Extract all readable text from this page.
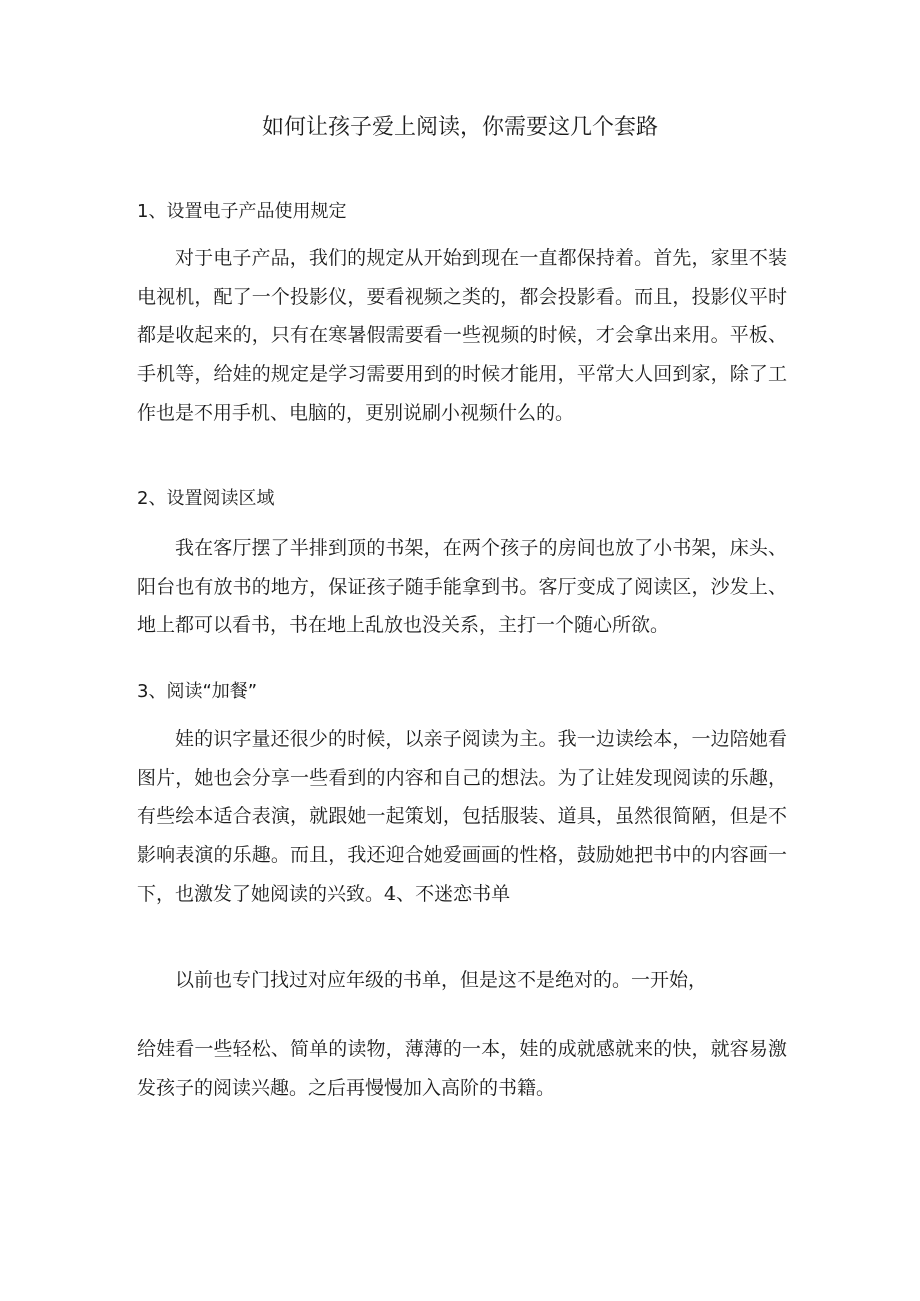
如何让孩子爱上阅读，你需要这几个套路
1、设置电子产品使用规定

对于电子产品，我们的规定从开始到现在一直都保持着。首先，家里不装电视机，配了一个投影仪，要看视频之类的，都会投影看。而且，投影仪平时都是收起来的，只有在寒暑假需要看一些视频的时候，才会拿出来用。平板、手机等，给娃的规定是学习需要用到的时候才能用，平常大人回到家，除了工作也是不用手机、电脑的，更别说刷小视频什么的。

2、设置阅读区域

我在客厅摆了半排到顶的书架，在两个孩子的房间也放了小书架，床头、阳台也有放书的地方，保证孩子随手能拿到书。客厅变成了阅读区，沙发上、地上都可以看书，书在地上乱放也没关系，主打一个随心所欲。

3、阅读“加餐”

娃的识字量还很少的时候，以亲子阅读为主。我一边读绘本，一边陪她看图片，她也会分享一些看到的内容和自己的想法。为了让娃发现阅读的乐趣，有些绘本适合表演，就跟她一起策划，包括服装、道具，虽然很简陋，但是不影响表演的乐趣。而且，我还迎合她爱画画的性格，鼓励她把书中的内容画一下，也激发了她阅读的兴致。4、不迷恋书单

以前也专门找过对应年级的书单，但是这不是绝对的。一开始，

给娃看一些轻松、简单的读物，薄薄的一本，娃的成就感就来的快，就容易激发孩子的阅读兴趣。之后再慢慢加入高阶的书籍。
